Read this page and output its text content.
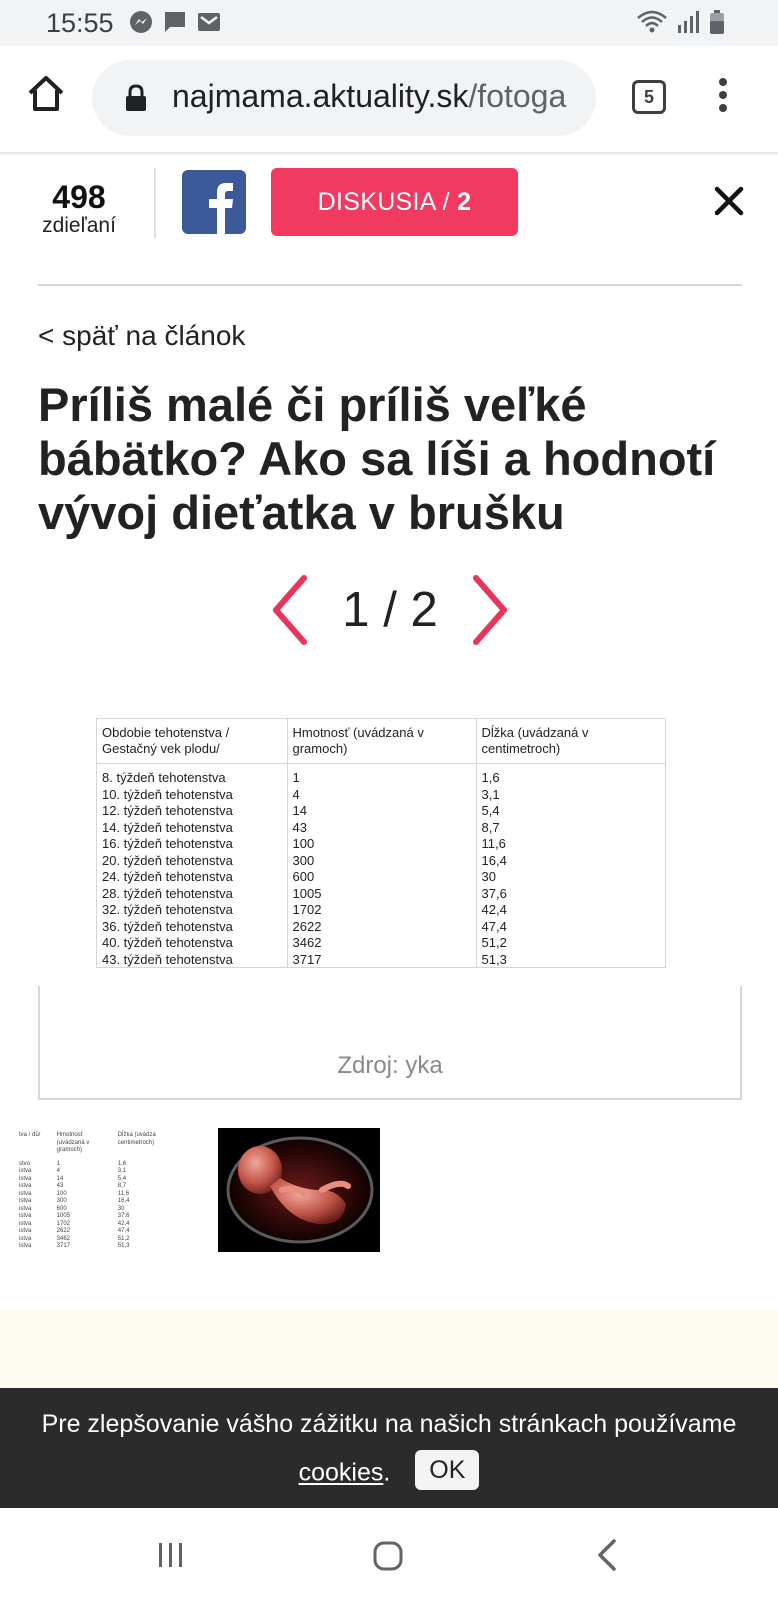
15:55
najmama.aktuality.sk/fotoga	5
498
zdieľaní
DISKUSIA / 2
< späť na článok
Príliš malé či príliš veľké bábätko? Ako sa líši a hodnotí vývoj dieťatka v brušku
1 / 2
Obdobie tehotenstva / Gestačný vek plodu/	Hmotnosť (uvádzaná v gramoch)	Dĺžka (uvádzaná v centimetroch)
8. týždeň tehotenstva	1	1,6
10. týždeň tehotenstva	4	3,1
12. týždeň tehotenstva	14	5,4
14. týždeň tehotenstva	43	8,7
16. týždeň tehotenstva	100	11,6
20. týždeň tehotenstva	300	16,4
24. týždeň tehotenstva	600	30
28. týždeň tehotenstva	1005	37,6
32. týždeň tehotenstva	1702	42,4
36. týždeň tehotenstva	2622	47,4
40. týždeň tehotenstva	3462	51,2
43. týždeň tehotenstva	3717	51,3
Zdroj: yka
tva / dŭ/	Hmotnosť (uvádzaná v gramoch)	Dĺžka (uvádza centimetroch)
stvo	1	1,6
istva	4	3,1
istva	14	5,4
istva	43	8,7
istva	100	11,6
istva	300	16,4
istva	600	30
istva	1005	37,6
istva	1702	42,4
istva	2622	47,4
istva	3462	51,2
istva	3717	51,3
Pre zlepšovanie vášho zážitku na našich stránkach používame
cookies. OK
